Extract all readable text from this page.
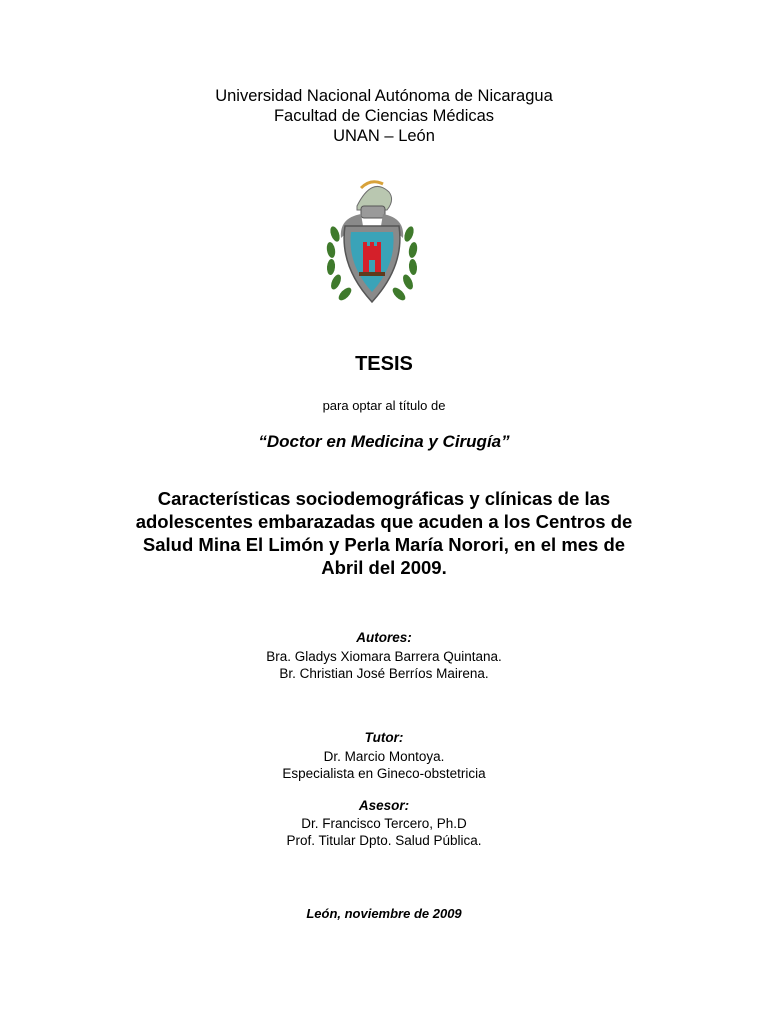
Universidad Nacional Autónoma de Nicaragua
Facultad de Ciencias Médicas
UNAN – León
TESIS
para optar al título de
“Doctor en Medicina y Cirugía”
Características sociodemográficas y clínicas de las
adolescentes embarazadas que acuden a los Centros de
Salud Mina El Limón y Perla María Norori, en el mes de
Abril del 2009.
Autores:
Bra. Gladys Xiomara Barrera Quintana.
Br. Christian José Berríos Mairena.
Tutor:
Dr. Marcio Montoya.
Especialista en Gineco-obstetricia
Asesor:
Dr. Francisco Tercero, Ph.D
Prof. Titular Dpto. Salud Pública.
León, noviembre de 2009
